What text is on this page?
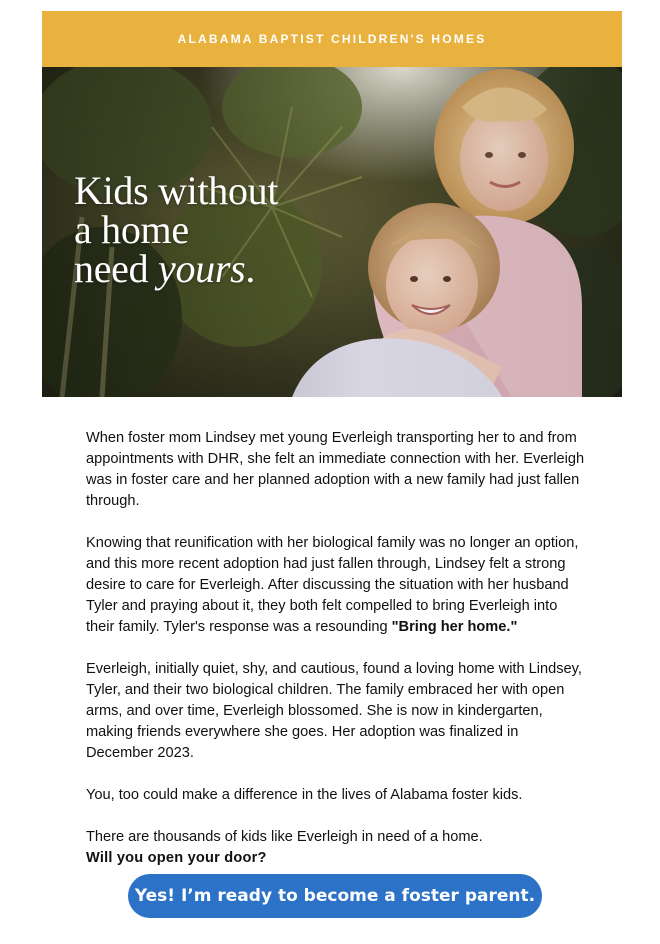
ALABAMA BAPTIST CHILDREN'S HOMES
Kids without
a home
need yours.

When foster mom Lindsey met young Everleigh transporting her to and from appointments with DHR, she felt an immediate connection with her. Everleigh was in foster care and her planned adoption with a new family had just fallen through.

Knowing that reunification with her biological family was no longer an option, and this more recent adoption had just fallen through, Lindsey felt a strong desire to care for Everleigh. After discussing the situation with her husband Tyler and praying about it, they both felt compelled to bring Everleigh into their family. Tyler's response was a resounding "Bring her home."

Everleigh, initially quiet, shy, and cautious, found a loving home with Lindsey, Tyler, and their two biological children. The family embraced her with open arms, and over time, Everleigh blossomed. She is now in kindergarten, making friends everywhere she goes. Her adoption was finalized in December 2023.

You, too could make a difference in the lives of Alabama foster kids.

There are thousands of kids like Everleigh in need of a home.

Will you open your door?

Yes! I’m ready to become a foster parent.
